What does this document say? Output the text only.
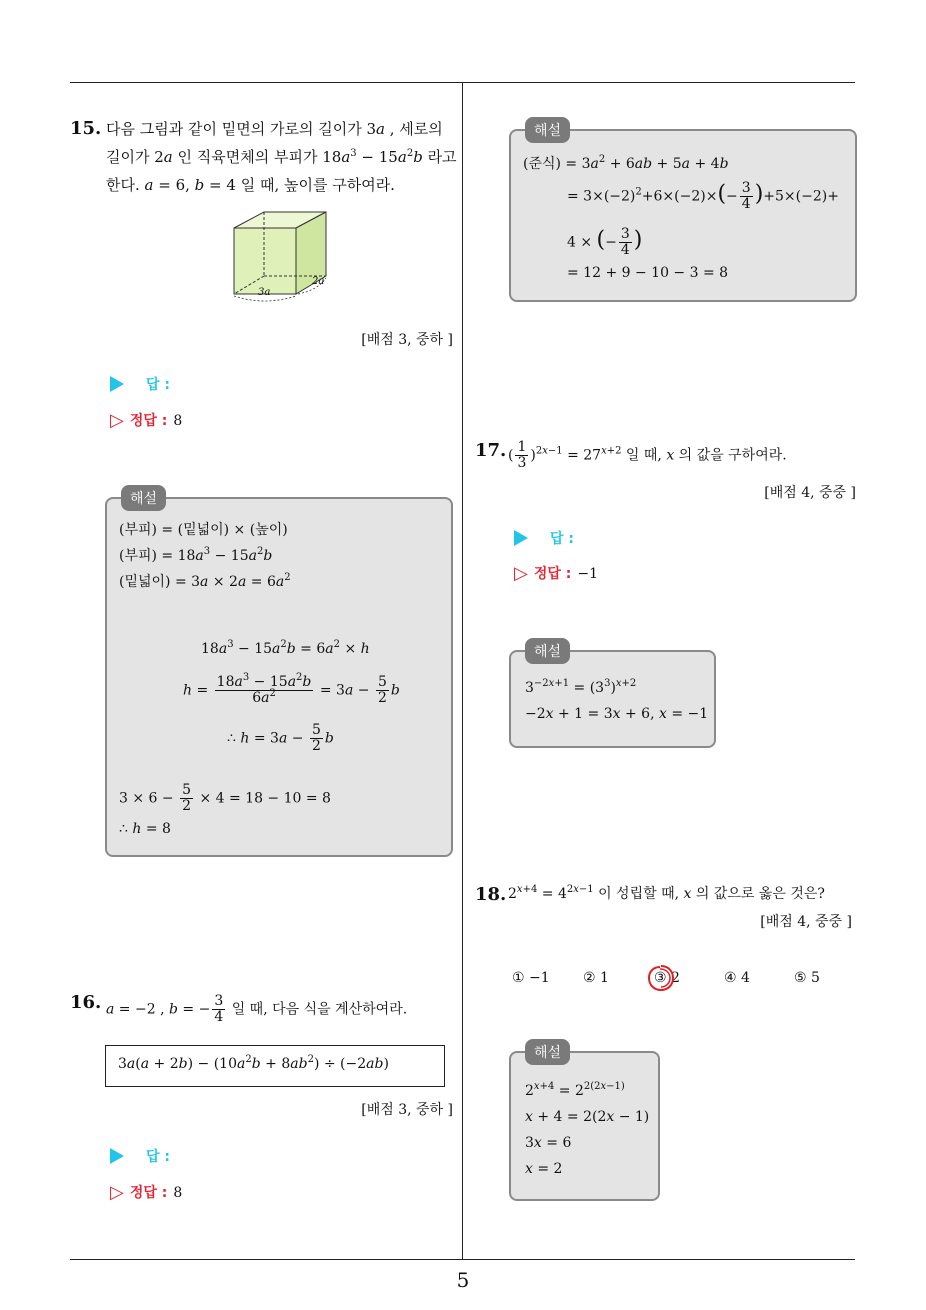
5
15. 다음 그림과 같이 밑면의 가로의 길이가 3a , 세로의
길이가 2a 인 직육면체의 부피가 $18a^3 - 15a^2b$ 라고
한다. a = 6, b = 4 일 때, 높이를 구하여라.
3a
2a
[배점 3, 중하 ]
답 :
▷ 정답 : 8
해설
(부피) = (밑넓이) × (높이)
(부피) = $18a^3 - 15a^2b$
(밑넓이) = $3a \times 2a = 6a^2$
$18a^3 - 15a^2b = 6a^2 \times h$
$h = \frac{18a^3 - 15a^2b}{6a^2} = 3a - \frac{5}{2}$ b
∴ $h = 3a - \frac{5}{2}$ b
$3 \times 6 - \frac{5}{2} \times 4 = 18 - 10 = 8$
∴ h = 8
16. a = −2 , b = − $\frac{3}{4}$ 일 때, 다음 식을 계산하여라.
$3a(a + 2b) - (10a^2b + 8ab^2) \div (-2ab)$
[배점 3, 중하 ]
답 :
▷ 정답 : 8
해설
(준식) = $3a^2 + 6ab + 5a + 4b$
= $3\times(-2)^2+6\times(-2)\times(- \frac{3}{4} )+5\times(-2)+$
4 × (− $\frac{3}{4}$ )
= 12 + 9 − 10 − 3 = 8
17. ( $\frac{1}{3} )^{2x-1} = 27^{x+2}$ 일 때, x 의 값을 구하여라.
[배점 4, 중중 ]
답 :
▷ 정답 : −1
해설
$3^{-2x+1} = (3^3)^{x+2}$
−2x + 1 = 3x + 6, x = −1
18. $2^{x+4} = 4^{2x-1}$ 이 성립할 때, x 의 값으로 옳은 것은?
[배점 4, 중중 ]
① −1 ② 1	③ 2	④ 4	⑤ 5
해설
$2^{x+4} = 2^{2(2x-1)}$
x + 4 = 2(2x − 1)
3x = 6
x = 2
